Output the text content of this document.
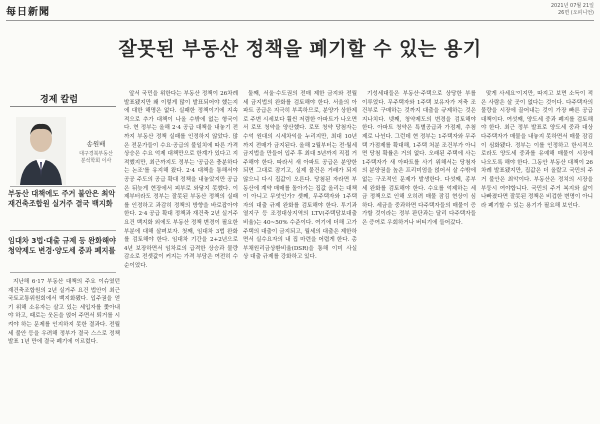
每日新聞
2021년 07월 21일
26면 (오피니언)
잘못된 부동산 정책을 폐기할 수 있는 용기
경제 칼럼
송원배
대구경북부동산
분석학회 이사
부동산 대책에도 주거 불안은 최악 재건축조합원 실거주 결국 백지화
임대차 3법·대출 규제 등 완화해야 청약제도 변경·양도세 중과 폐지를

지난해 6·17 부동산 대책의 주요 이슈였던 재건축조합원의 2년 실거주 요건 법안이 최근 국토교통위원회에서 백지화됐다. 입주권을 얻기 위해 소유자는 살고 있는 세입자를 쫓아내야 하고, 때로는 웃돈을 얹어 주면서 퇴거를 시켜야 하는 문제를 인지하지 못한 결과다. 전월세 불안 등을 우려해 정부가 결국 스스로 정책 발표 1년 만에 결국 폐기에 이르렀다.

앞서 국민을 위한다는 부동산 정책이 26차례 발표됐지만 왜 이렇게 많이 발표되어야 했는지에 대한 해명은 없다. 실패한 정책이기에 지속적으로 추가 대책이 나올 수밖에 없는 형국이다. 현 정부는 올해 2·4 공급 대책을 내놓기 전까지 부동산 정책 실패를 인정하지 않았다. 많은 전문가들이 수요·공급의 불일치에 따른 가격 상승은 수요 억제 대책만으로 한계가 있다고 지적했지만, 최근까지도 정부는 '공급은 충분하다는 논조'를 유지해 왔다. 2·4 대책을 통해서야 공공 주도의 공급 확대 정책을 내놓았지만 공급은 뒤늦게 현장에서 피부로 와닿지 못했다. 이제부터라도 정부는 잘못된 부동산 정책의 실패를 인정하고 과감히 정책의 방향을 바로잡아야 한다. 2·4 공급 확대 정책과 재건축 2년 실거주 요건 백지화 외에도 부동산 정책 변경이 필요한 부분에 대해 살펴보자. 첫째, 임대차 3법 완화를 검토해야 한다. 임대차 기간을 2+2년으로 4년 보장하면서 임차료의 급격한 상승과 물량 감소로 전셋값이 커지는 가격 부담은 여전히 수순이었다.

둘째, 서울·수도권의 전매 제한 금지와 전월세 금지법의 완화를 검토해야 한다. 서울의 아파트 공급은 지극히 부족하므로, 분양가 상한제로 주변 시세보다 훨씬 저렴한 아파트가 나오면서 로또 청약을 양산했다. 로또 청약 당첨자는 수억 원대의 시세차익을 누리지만, 최대 10년까지 전매가 금지된다. 올해 2월부터는 전·월세 금지법을 만들어 입주 후 최대 5년까지 직접 거주해야 한다. 따라서 새 아파트 공급은 분양한 되면 그대로 잠기고, 실제 물건은 거래가 되지 않으니 다시 집값이 오른다. 당첨된 자라면 부동산에 계약 매매를 돌아가는 집값 올리는 대책이 아니고 무엇인가? 셋째, 무주택자와 1주택자의 대출 규제 완화를 검토해야 한다. 투기과열지구 등 조정대상지역의 LTV(주택담보대출비율)는 40~50% 수준이다. 여기에 더해 고가 주택의 대출이 금지되고, 월세의 대출은 제한하면서 실수요자의 내 집 마련을 어렵게 한다. 총부채원리금상환비율(DSR)을 통해 이미 사실상 대출 규제를 강화하고 있다.

기성세대들은 부동산·주택으로 상당한 부를 이루었다. 무주택자와 1주택 보유자가 저축 조건부로 구매하는 것까지 대출을 규제하는 것은 지나치다. 넷째, 청약제도의 변경을 검토해야 한다. 아파트 청약은 특별공급과 가점제, 추첨제로 나뉜다. 그런데 현 정부는 1주택자와 무주택 가점제를 확대해, 1주택 처분 조건부가 아니면 당첨 확률은 거의 없다. 오래된 주택에 사는 1주택자가 새 아파트를 사기 위해서는 당첨자의 분양권을 높은 프리미엄을 얹어서 살 수밖에 없는 구조적인 문제가 발생한다. 다섯째, 종부세 완화를 검토해야 한다. 수요를 억제하는 세금 정책으로 인해 오히려 매물 잠김 현상이 심하다. 세금을 중과하면 다주택자들의 매물이 증가할 것이라는 정부 판단과는 달리 다주택자들은 증여로 우회하거나 버티기에 들어갔다.

맞게 사세요'이지만, 따지고 보면 소득이 적은 사람은 살 곳이 없다는 것이다. 다주택자의 물량을 시장에 끌어내는 것이 가장 빠른 공급 대책이다. 여섯째, 양도세 중과 폐지를 검토해야 한다. 최근 정부 발표로 양도세 중과 대상 다주택자가 매물을 내놓지 못하면서 매물 잠김이 심화됐다. 정부는 이를 인정하고 한시적으로라도 양도세 중과를 유예해 매물이 시장에 나오도록 해야 한다. 그동안 부동산 대책이 26차례 발표됐지만, 집값은 더 올랐고 국민의 주거 불안은 최악이다. 부동산은 정치의 시장을 부둥시 여야합니다. 국민의 주거 복지와 삶이 나빠졌다면 잘못된 정책은 비겁한 변명이 아니라 폐기할 수 있는 용기가 필요해 보인다.
